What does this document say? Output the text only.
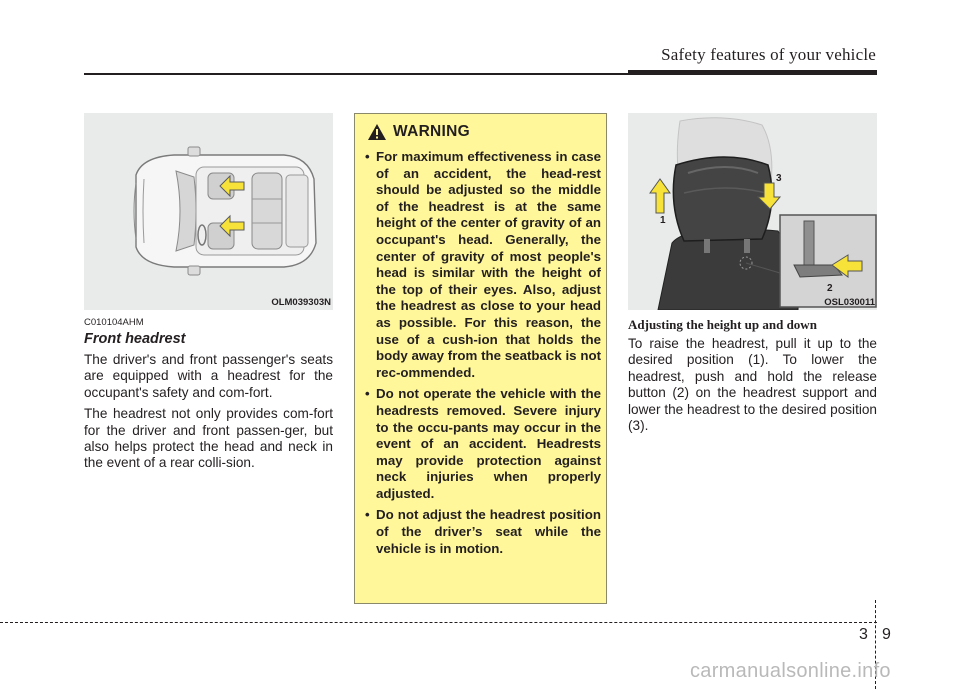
Safety features of your vehicle
OLM039303N
C010104AHM
Front headrest

The driver's and front passenger's seats are equipped with a headrest for the occupant's safety and com-fort.

The headrest not only provides com-fort for the driver and front passen-ger, but also helps protect the head and neck in the event of a rear colli-sion.

WARNING
• For maximum effectiveness in case of an accident, the head-rest should be adjusted so the middle of the headrest is at the same height of the center of gravity of an occupant's head. Generally, the center of gravity of most people's head is similar with the height of the top of their eyes. Also, adjust the headrest as close to your head as possible. For this reason, the use of a cush-ion that holds the body away from the seatback is not rec-ommended.
• Do not operate the vehicle with the headrests removed. Severe injury to the occu-pants may occur in the event of an accident. Headrests may provide protection against neck injuries when properly adjusted.
• Do not adjust the headrest position of the driver’s seat while the vehicle is in motion.
1
3
2
OSL030011
Adjusting the height up and down

To raise the headrest, pull it up to the desired position (1). To lower the headrest, push and hold the release button (2) on the headrest support and lower the headrest to the desired position (3).

3 9
carmanualsonline.info
